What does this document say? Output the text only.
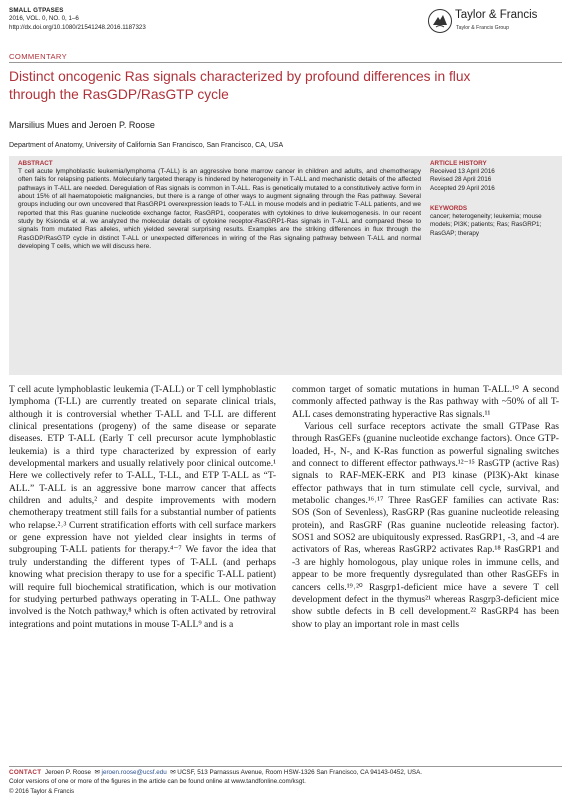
SMALL GTPASES
2016, VOL. 0, NO. 0, 1–6
http://dx.doi.org/10.1080/21541248.2016.1187323
Taylor & Francis
Taylor & Francis Group
COMMENTARY
Distinct oncogenic Ras signals characterized by profound differences in flux
through the RasGDP/RasGTP cycle
Marsilius Mues and Jeroen P. Roose
Department of Anatomy, University of California San Francisco, San Francisco, CA, USA
ABSTRACT
T cell acute lymphoblastic leukemia/lymphoma (T-ALL) is an aggressive bone marrow cancer in children and adults, and chemotherapy often fails for relapsing patients. Molecularly targeted therapy is hindered by heterogeneity in T-ALL and mechanistic details of the affected pathways in T-ALL are needed. Deregulation of Ras signals is common in T-ALL. Ras is genetically mutated to a constitutively active form in about 15% of all haematopoietic malignancies, but there is a range of other ways to augment signaling through the Ras pathway. Several groups including our own uncovered that RasGRP1 overexpression leads to T-ALL in mouse models and in pediatric T-ALL patients, and we reported that this Ras guanine nucleotide exchange factor, RasGRP1, cooperates with cytokines to drive leukemogenesis. In our recent study by Ksionda et al. we analyzed the molecular details of cytokine receptor-RasGRP1-Ras signals in T-ALL and compared these to signals from mutated Ras alleles, which yielded several surprising results. Examples are the striking differences in flux through the RasGDP/RasGTP cycle in distinct T-ALL or unexpected differences in wiring of the Ras signaling pathway between T-ALL and normal developing T cells, which we will discuss here.
ARTICLE HISTORY
Received 13 April 2016
Revised 28 April 2016
Accepted 29 April 2016
KEYWORDS
cancer; heterogeneity; leukemia; mouse models; PI3K; patients; Ras; RasGRP1; RasGAP; therapy

T cell acute lymphoblastic leukemia (T-ALL) or T cell lymphoblastic lymphoma (T-LL) are currently treated on separate clinical trials, although it is controversial whether T-ALL and T-LL are different clinical presentations (progeny) of the same disease or separate diseases. ETP T-ALL (Early T cell precursor acute lymphoblastic leukemia) is a third type characterized by expression of early developmental markers and usually relatively poor clinical outcome.¹ Here we collectively refer to T-ALL, T-LL, and ETP T-ALL as “T-ALL.” T-ALL is an aggressive bone marrow cancer that affects children and adults,² and despite improvements with modern chemotherapy treatment still fails for a substantial number of patients who relapse.²˒³ Current stratification efforts with cell surface markers or gene expression have not yielded clear insights in terms of subgrouping T-ALL patients for therapy.⁴⁻⁷ We favor the idea that truly understanding the different types of T-ALL (and perhaps knowing what precision therapy to use for a specific T-ALL patient) will require full biochemical stratification, which is our motivation for studying perturbed pathways operating in T-ALL. One pathway involved is the Notch pathway,⁸ which is often activated by retroviral integrations and point mutations in mouse T-ALL⁹ and is a

common target of somatic mutations in human T-ALL.¹⁰ A second commonly affected pathway is the Ras pathway with ~50% of all T-ALL cases demonstrating hyperactive Ras signals.¹¹

Various cell surface receptors activate the small GTPase Ras through RasGEFs (guanine nucleotide exchange factors). Once GTP-loaded, H-, N-, and K-Ras function as powerful signaling switches and connect to different effector pathways.¹²⁻¹⁵ RasGTP (active Ras) signals to RAF-MEK-ERK and PI3 kinase (PI3K)-Akt kinase effector pathways that in turn stimulate cell cycle, survival, and metabolic changes.¹⁶˒¹⁷ Three RasGEF families can activate Ras: SOS (Son of Sevenless), RasGRP (Ras guanine nucleotide releasing protein), and RasGRF (Ras guanine nucleotide releasing factor). SOS1 and SOS2 are ubiquitously expressed. RasGRP1, -3, and -4 are activators of Ras, whereas RasGRP2 activates Rap.¹⁸ RasGRP1 and -3 are highly homologous, play unique roles in immune cells, and appear to be more frequently dysregulated than other RasGEFs in cancers cells.¹⁹˒²⁰ Rasgrp1-deficient mice have a severe T cell development defect in the thymus²¹ whereas Rasgrp3-deficient mice show subtle defects in B cell development.²² RasGRP4 has been show to play an important role in mast cells

CONTACT Jeroen P. Roose ✉ jeroen.roose@ucsf.edu ✉ UCSF, 513 Parnassus Avenue, Room HSW-1326 San Francisco, CA 94143-0452, USA.
Color versions of one or more of the figures in the article can be found online at www.tandfonline.com/ksgt.
© 2016 Taylor & Francis
